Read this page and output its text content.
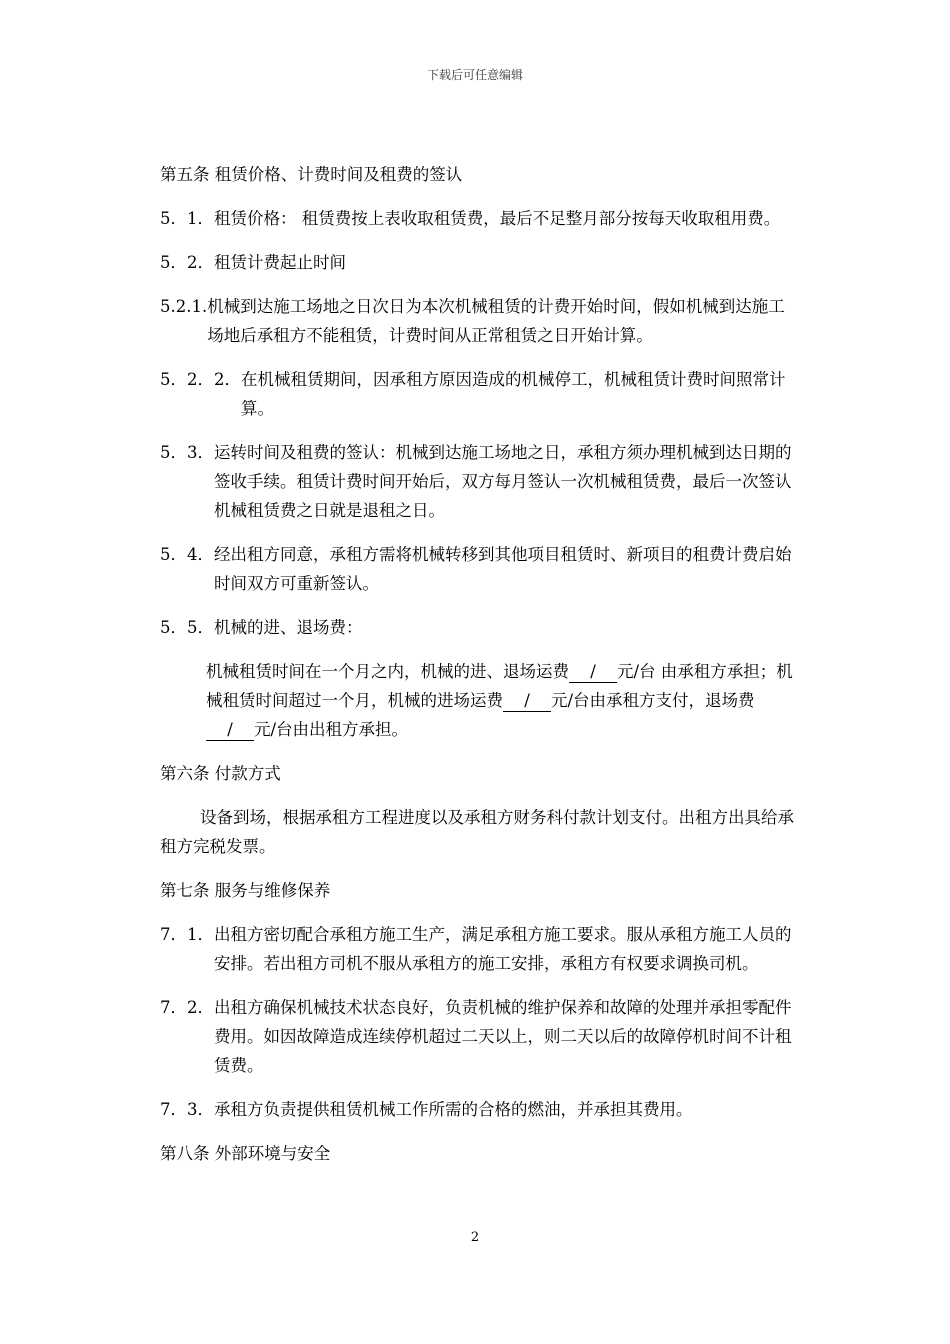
下载后可任意编辑
第五条 租赁价格、计费时间及租费的签认
5．1． 租赁价格： 租赁费按上表收取租赁费，最后不足整月部分按每天收取租用费。
5．2． 租赁计费起止时间
5.2.1. 机械到达施工场地之日次日为本次机械租赁的计费开始时间，假如机械到达施工场地后承租方不能租赁，计费时间从正常租赁之日开始计算。
5．2．2． 在机械租赁期间，因承租方原因造成的机械停工，机械租赁计费时间照常计算。
5．3． 运转时间及租费的签认：机械到达施工场地之日，承租方须办理机械到达日期的签收手续。租赁计费时间开始后，双方每月签认一次机械租赁费，最后一次签认机械租赁费之日就是退租之日。
5．4． 经出租方同意，承租方需将机械转移到其他项目租赁时、新项目的租费计费启始时间双方可重新签认。
5．5． 机械的进、退场费：
机械租赁时间在一个月之内，机械的进、退场运费 / 元/台 由承租方承担；机械租赁时间超过一个月，机械的进场运费 / 元/台由承租方支付，退场费/ 元/台由出租方承担。
第六条 付款方式
设备到场，根据承租方工程进度以及承租方财务科付款计划支付。出租方出具给承租方完税发票。
第七条 服务与维修保养
7．1． 出租方密切配合承租方施工生产，满足承租方施工要求。服从承租方施工人员的安排。若出租方司机不服从承租方的施工安排，承租方有权要求调换司机。
7．2． 出租方确保机械技术状态良好，负责机械的维护保养和故障的处理并承担零配件费用。如因故障造成连续停机超过二天以上，则二天以后的故障停机时间不计租赁费。
7．3． 承租方负责提供租赁机械工作所需的合格的燃油，并承担其费用。
第八条 外部环境与安全
2
